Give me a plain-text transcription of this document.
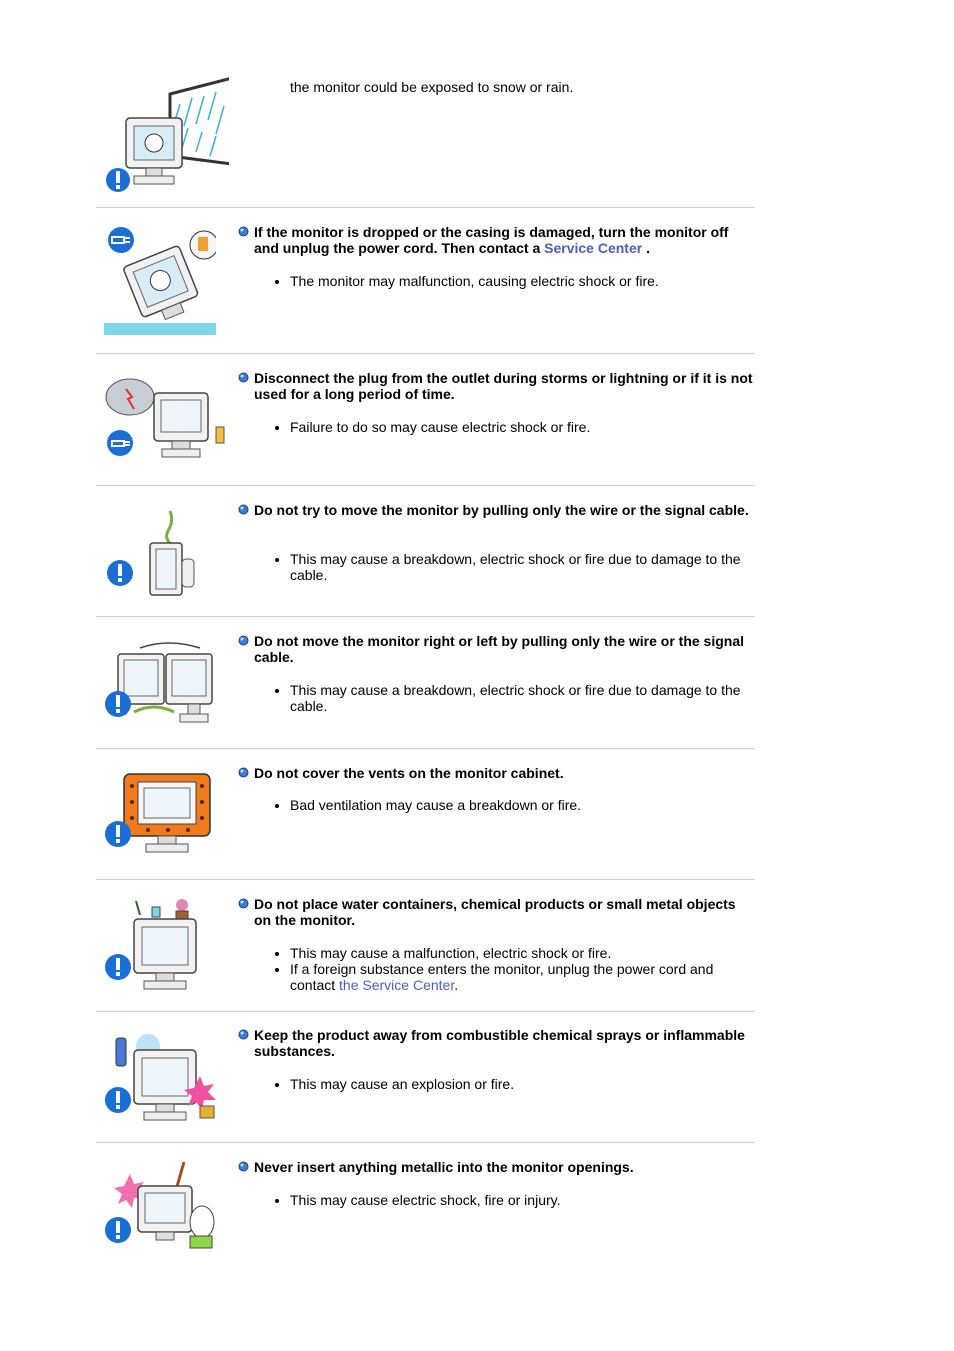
the monitor could be exposed to snow or rain.
If the monitor is dropped or the casing is damaged, turn the monitor off and unplug the power cord. Then contact a Service Center .
• The monitor may malfunction, causing electric shock or fire.
Disconnect the plug from the outlet during storms or lightning or if it is not used for a long period of time.
• Failure to do so may cause electric shock or fire.
Do not try to move the monitor by pulling only the wire or the signal cable.
• This may cause a breakdown, electric shock or fire due to damage to the cable.
Do not move the monitor right or left by pulling only the wire or the signal cable.
• This may cause a breakdown, electric shock or fire due to damage to the cable.
Do not cover the vents on the monitor cabinet.
• Bad ventilation may cause a breakdown or fire.
Do not place water containers, chemical products or small metal objects on the monitor.
• This may cause a malfunction, electric shock or fire.
• If a foreign substance enters the monitor, unplug the power cord and contact the Service Center.
Keep the product away from combustible chemical sprays or inflammable substances.
• This may cause an explosion or fire.
Never insert anything metallic into the monitor openings.
• This may cause electric shock, fire or injury.
